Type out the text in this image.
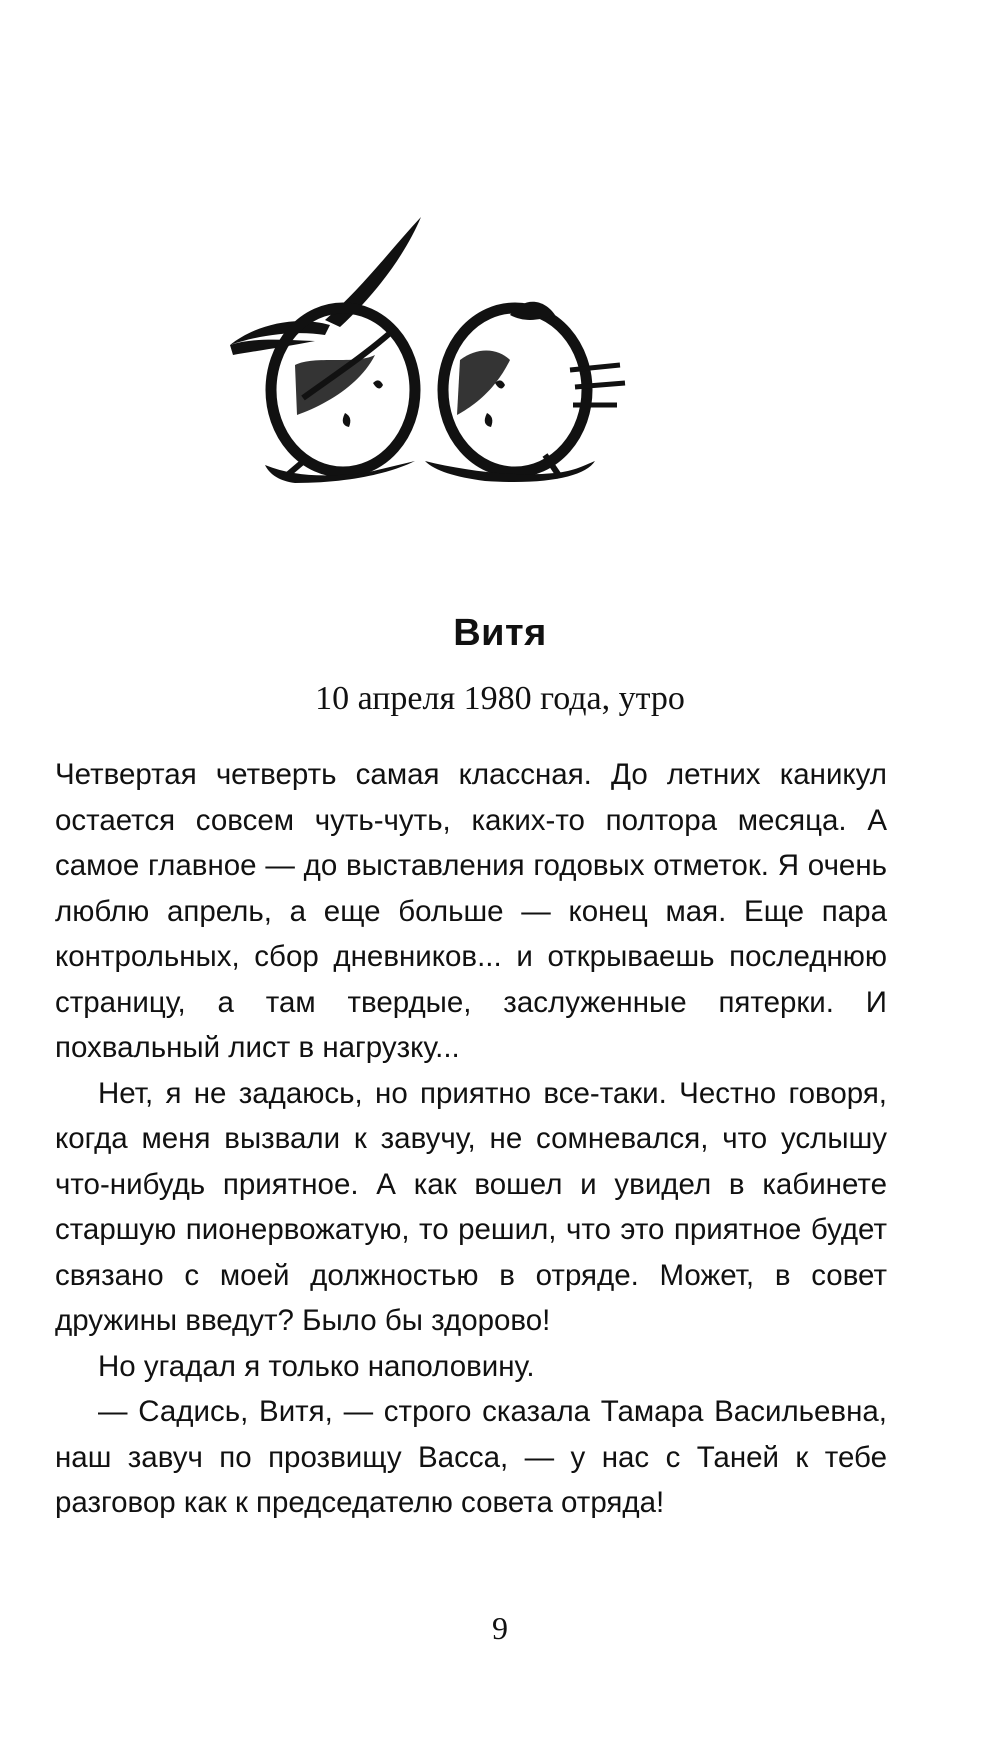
Витя
10 апреля 1980 года, утро

Четвертая четверть самая классная. До летних каникул остается совсем чуть-чуть, каких-то полтора месяца. А самое главное — до выставления годовых отметок. Я очень люблю апрель, а еще больше — конец мая. Еще пара контрольных, сбор дневников... и открываешь последнюю страницу, а там твердые, заслуженные пятерки. И похвальный лист в нагрузку...

Нет, я не задаюсь, но приятно все-таки. Честно говоря, когда меня вызвали к завучу, не сомневался, что услышу что-нибудь приятное. А как вошел и увидел в кабинете старшую пионервожатую, то решил, что это приятное будет связано с моей должностью в отряде. Может, в совет дружины введут? Было бы здорово!

Но угадал я только наполовину.

— Садись, Витя, — строго сказала Тамара Васильевна, наш завуч по прозвищу Васса, — у нас с Таней к тебе разговор как к председателю совета отряда!

9
